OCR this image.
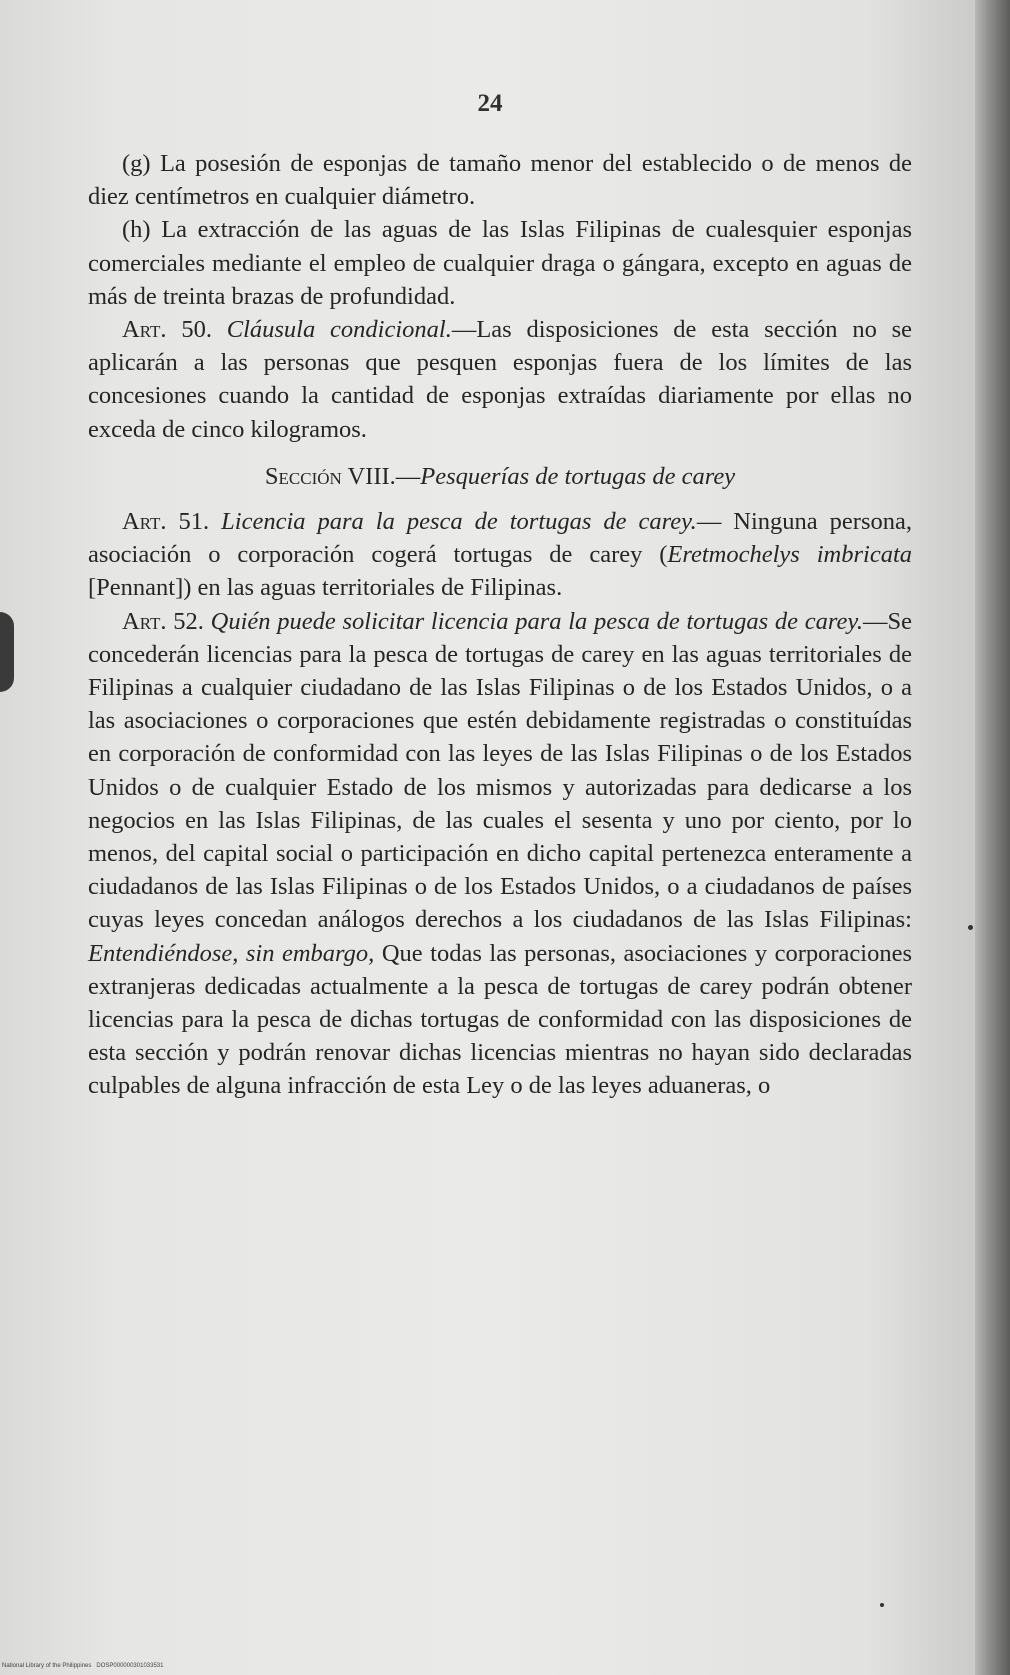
24

(g) La posesión de esponjas de tamaño menor del establecido o de menos de diez centímetros en cualquier diámetro.

(h) La extracción de las aguas de las Islas Filipinas de cualesquier esponjas comerciales mediante el empleo de cualquier draga o gángara, excepto en aguas de más de treinta brazas de profundidad.

Art. 50. Cláusula condicional.—Las disposiciones de esta sección no se aplicarán a las personas que pesquen esponjas fuera de los límites de las concesiones cuando la cantidad de esponjas extraídas diariamente por ellas no exceda de cinco kilogramos.

Sección VIII.—Pesquerías de tortugas de carey

Art. 51. Licencia para la pesca de tortugas de carey.— Ninguna persona, asociación o corporación cogerá tortugas de carey (Eretmochelys imbricata [Pennant]) en las aguas territoriales de Filipinas.

Art. 52. Quién puede solicitar licencia para la pesca de tortugas de carey.—Se concederán licencias para la pesca de tortugas de carey en las aguas territoriales de Filipinas a cualquier ciudadano de las Islas Filipinas o de los Estados Unidos, o a las asociaciones o corporaciones que estén debidamente registradas o constituídas en corporación de conformidad con las leyes de las Islas Filipinas o de los Estados Unidos o de cualquier Estado de los mismos y autorizadas para dedicarse a los negocios en las Islas Filipinas, de las cuales el sesenta y uno por ciento, por lo menos, del capital social o participación en dicho capital pertenezca enteramente a ciudadanos de las Islas Filipinas o de los Estados Unidos, o a ciudadanos de países cuyas leyes concedan análogos derechos a los ciudadanos de las Islas Filipinas: Entendiéndose, sin embargo, Que todas las personas, asociaciones y corporaciones extranjeras dedicadas actualmente a la pesca de tortugas de carey podrán obtener licencias para la pesca de dichas tortugas de conformidad con las disposiciones de esta sección y podrán renovar dichas licencias mientras no hayan sido declaradas culpables de alguna infracción de esta Ley o de las leyes aduaneras, o

National Library of the Philippines DOSP000000301033531
